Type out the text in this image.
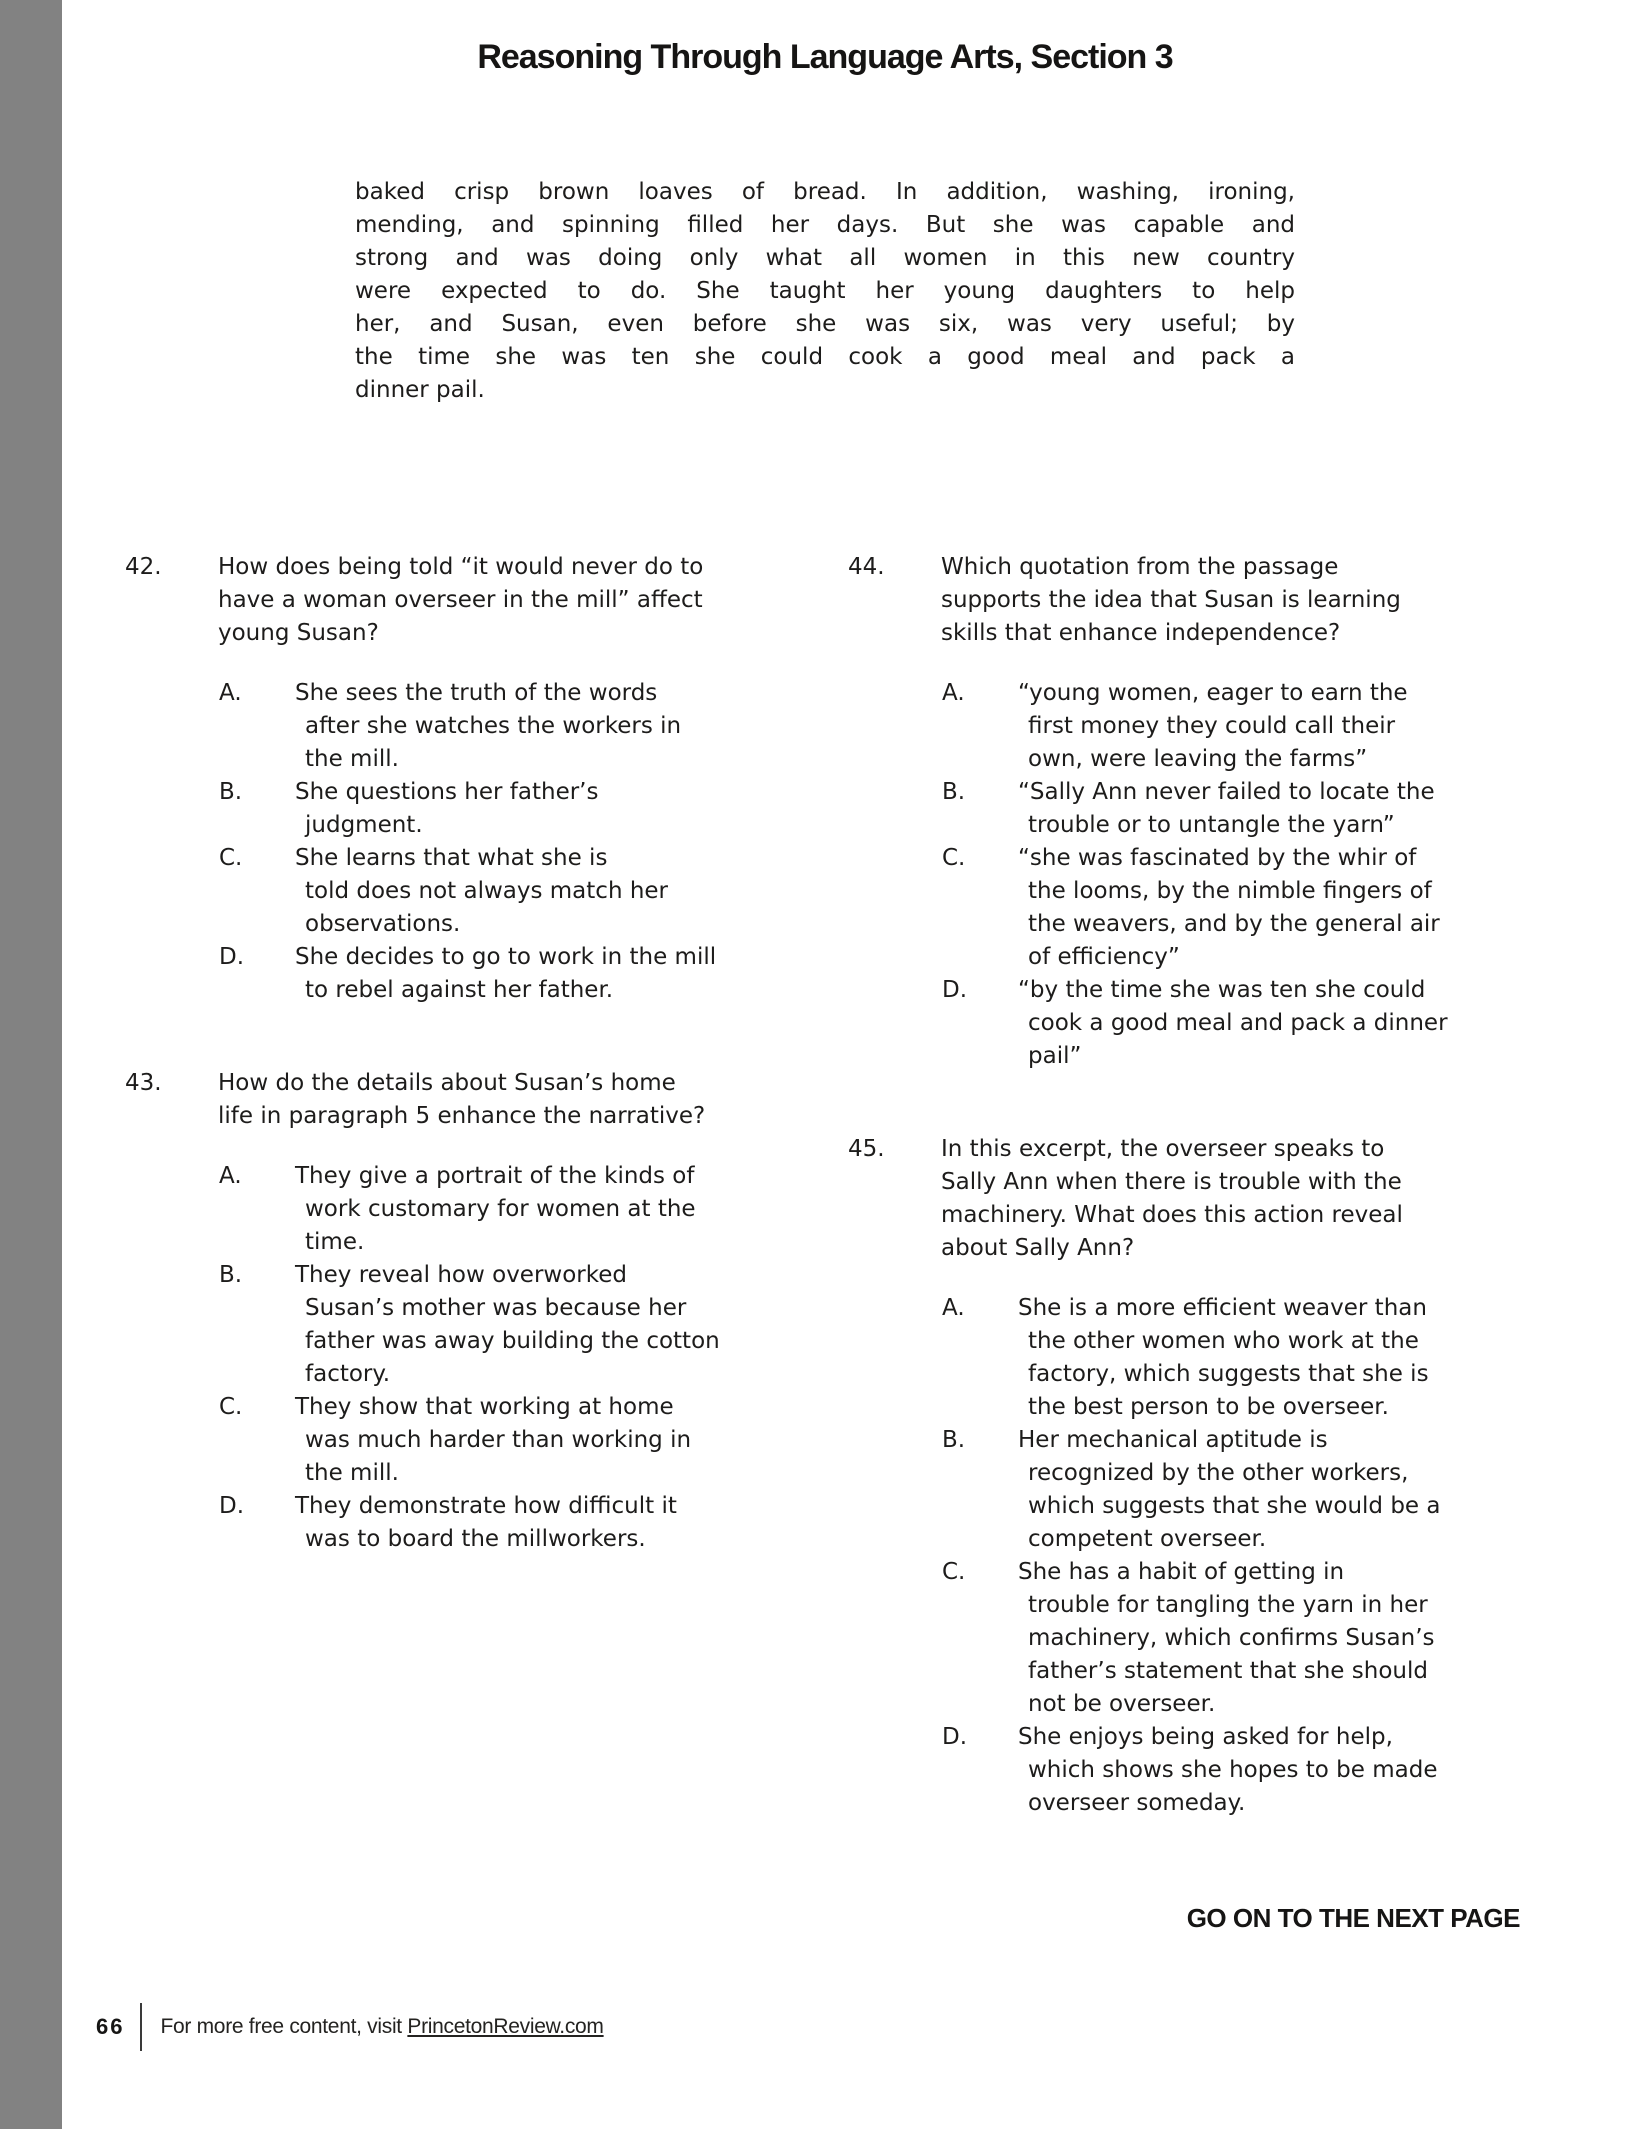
Reasoning Through Language Arts, Section 3
baked crisp brown loaves of bread. In addition, washing, ironing,
mending, and spinning filled her days. But she was capable and
strong and was doing only what all women in this new country
were expected to do. She taught her young daughters to help
her, and Susan, even before she was six, was very useful; by
the time she was ten she could cook a good meal and pack a
dinner pail.
42.	How does being told “it would never do to
have a woman overseer in the mill” affect
young Susan?
A.	She sees the truth of the words
after she watches the workers in
the mill.
B.	She questions her father’s
judgment.
C.	She learns that what she is
told does not always match her
observations.
D.	She decides to go to work in the mill
to rebel against her father.
43.	How do the details about Susan’s home
life in paragraph 5 enhance the narrative?
A.	They give a portrait of the kinds of
work customary for women at the
time.
B.	They reveal how overworked
Susan’s mother was because her
father was away building the cotton
factory.
C.	They show that working at home
was much harder than working in
the mill.
D.	They demonstrate how difficult it
was to board the millworkers.
44.	Which quotation from the passage
supports the idea that Susan is learning
skills that enhance independence?
A.	“young women, eager to earn the
first money they could call their
own, were leaving the farms”
B.	“Sally Ann never failed to locate the
trouble or to untangle the yarn”
C.	“she was fascinated by the whir of
the looms, by the nimble fingers of
the weavers, and by the general air
of efficiency”
D.	“by the time she was ten she could
cook a good meal and pack a dinner
pail”
45.	In this excerpt, the overseer speaks to
Sally Ann when there is trouble with the
machinery. What does this action reveal
about Sally Ann?
A.	She is a more efficient weaver than
the other women who work at the
factory, which suggests that she is
the best person to be overseer.
B.	Her mechanical aptitude is
recognized by the other workers,
which suggests that she would be a
competent overseer.
C.	She has a habit of getting in
trouble for tangling the yarn in her
machinery, which confirms Susan’s
father’s statement that she should
not be overseer.
D.	She enjoys being asked for help,
which shows she hopes to be made
overseer someday.
GO ON TO THE NEXT PAGE
66 For more free content, visit PrincetonReview.com
